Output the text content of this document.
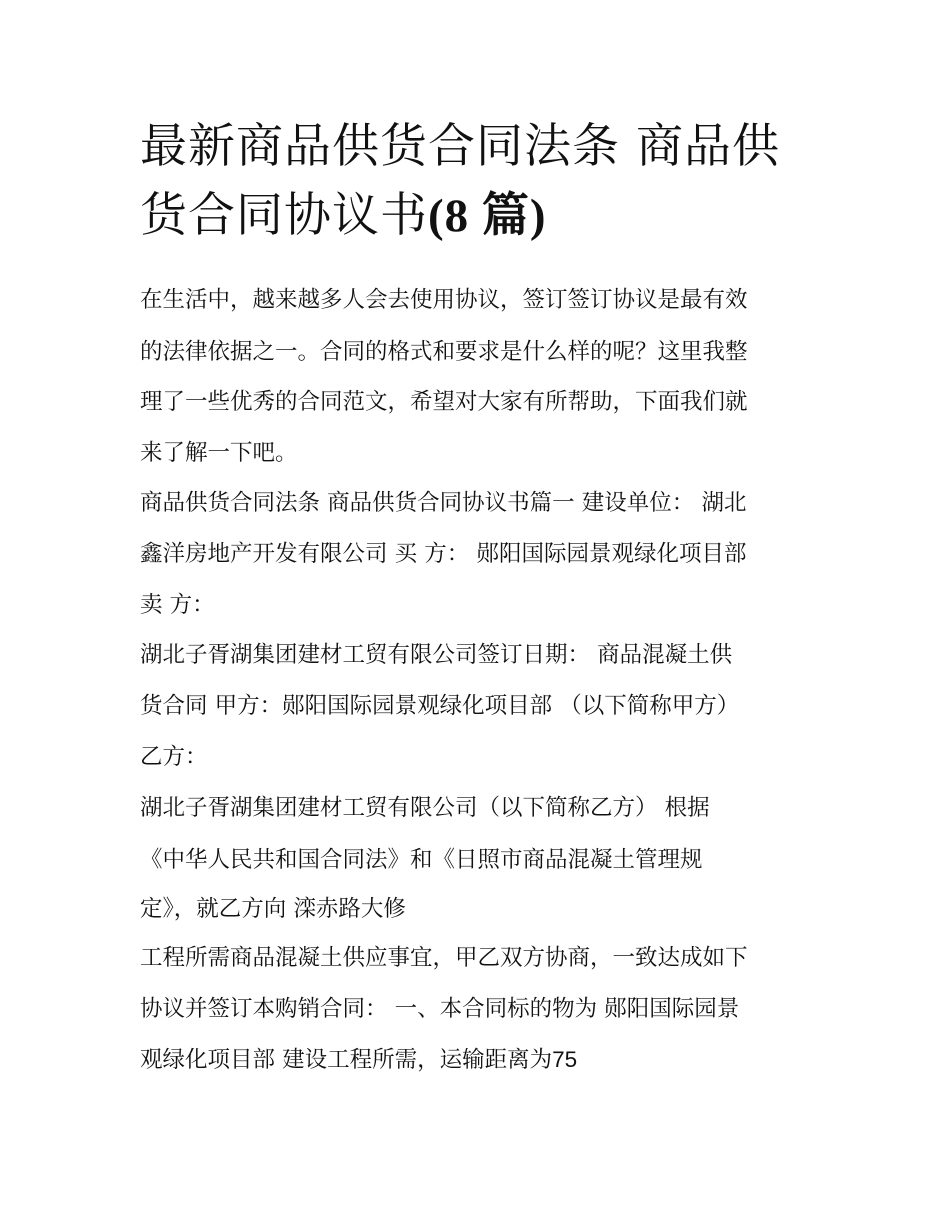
最新商品供货合同法条 商品供
货合同协议书(8 篇)

在生活中，越来越多人会去使用协议，签订签订协议是最有效

的法律依据之一。合同的格式和要求是什么样的呢？这里我整

理了一些优秀的合同范文，希望对大家有所帮助，下面我们就

来了解一下吧。

商品供货合同法条 商品供货合同协议书篇一 建设单位： 湖北

鑫洋房地产开发有限公司 买 方： 郧阳国际园景观绿化项目部

卖 方：

湖北子胥湖集团建材工贸有限公司签订日期： 商品混凝土供

货合同 甲方：郧阳国际园景观绿化项目部 （以下简称甲方）

乙方：

湖北子胥湖集团建材工贸有限公司（以下简称乙方） 根据

《中华人民共和国合同法》和《日照市商品混凝土管理规

定》，就乙方向 滦赤路大修

工程所需商品混凝土供应事宜，甲乙双方协商，一致达成如下

协议并签订本购销合同： 一、本合同标的物为 郧阳国际园景

观绿化项目部 建设工程所需，运输距离为75
